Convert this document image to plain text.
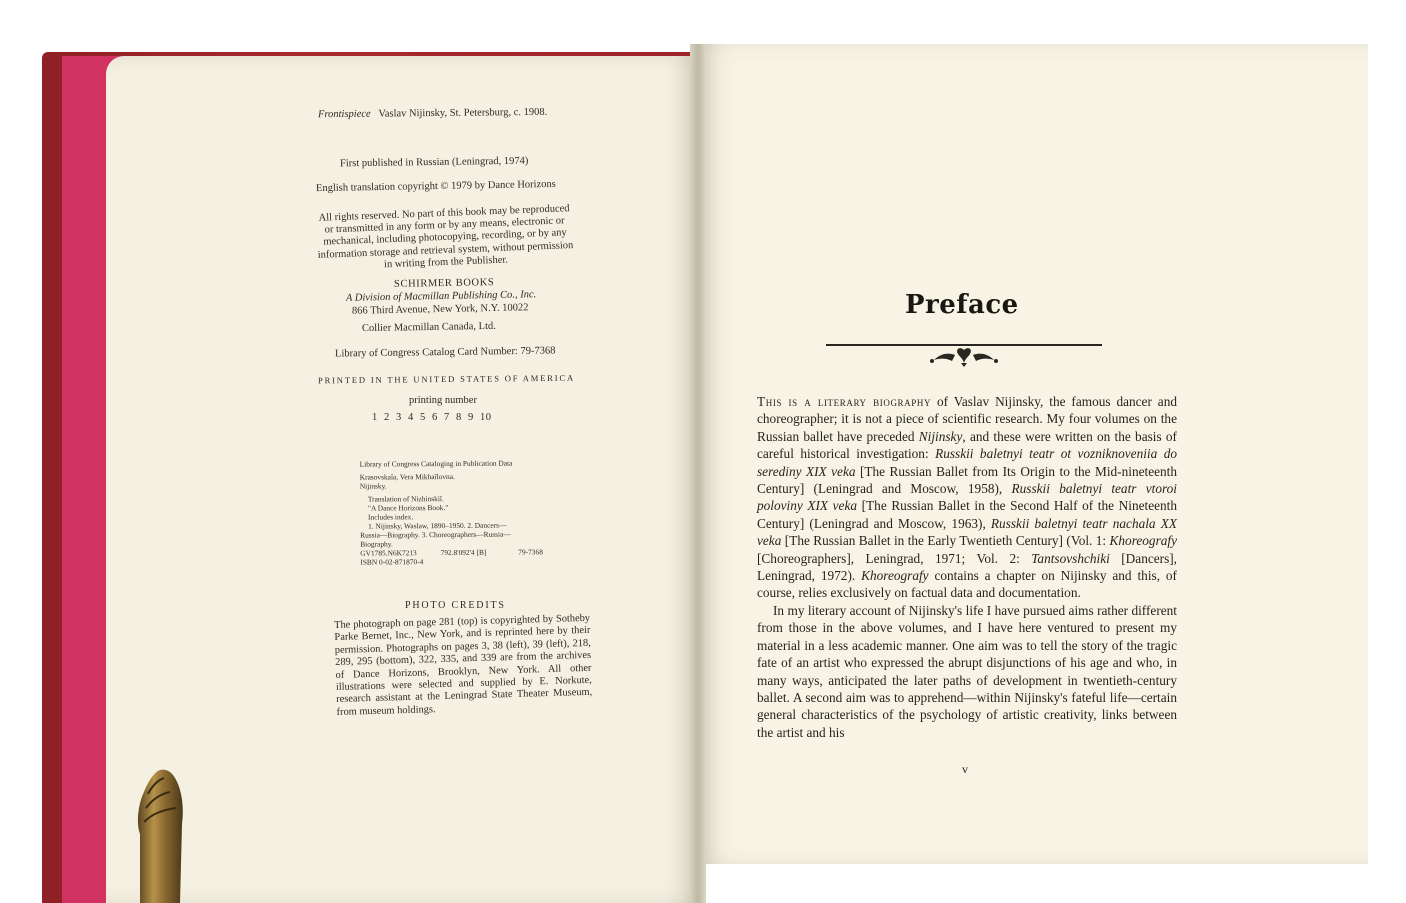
Frontispiece Vaslav Nijinsky, St. Petersburg, c. 1908.
First published in Russian (Leningrad, 1974)
English translation copyright © 1979 by Dance Horizons
All rights reserved. No part of this book may be reproduced or transmitted in any form or by any means, electronic or mechanical, including photocopying, recording, or by any information storage and retrieval system, without permission in writing from the Publisher.
SCHIRMER BOOKS
A Division of Macmillan Publishing Co., Inc.
866 Third Avenue, New York, N.Y. 10022
Collier Macmillan Canada, Ltd.
Library of Congress Catalog Card Number: 79-7368
PRINTED IN THE UNITED STATES OF AMERICA
printing number
1  2  3  4  5  6  7  8  9  10
Library of Congress Cataloging in Publication Data
Krasovskaîa, Vera Mikhaĭlovna.
Nijinsky.
Translation of Nizhinskiĭ.
"A Dance Horizons Book."
Includes index.
1. Nijinsky, Waslaw, 1890–1950. 2. Dancers—
Russia—Biography. 3. Choreographers—Russia—
Biography.
GV1785.N6K7213	792.8'092'4 [B]	79-7368
ISBN 0-02-871870-4
PHOTO CREDITS
The photograph on page 281 (top) is copyrighted by Sotheby Parke Bernet, Inc., New York, and is reprinted here by their permission. Photographs on pages 3, 38 (left), 39 (left), 218, 289, 295 (bottom), 322, 335, and 339 are from the archives of Dance Horizons, Brooklyn, New York. All other illustrations were selected and supplied by E. Norkute, research assistant at the Leningrad State Theater Museum, from museum holdings.
Preface

This is a literary biography of Vaslav Nijinsky, the famous dancer and choreographer; it is not a piece of scientific research. My four volumes on the Russian ballet have preceded Nijinsky, and these were written on the basis of careful historical investigation: Russkii baletnyi teatr ot vozniknoveniia do serediny XIX veka [The Russian Ballet from Its Origin to the Mid-nineteenth Century] (Leningrad and Moscow, 1958), Russkii baletnyi teatr vtoroi poloviny XIX veka [The Russian Ballet in the Second Half of the Nineteenth Century] (Leningrad and Moscow, 1963), Russkii baletnyi teatr nachala XX veka [The Russian Ballet in the Early Twentieth Century] (Vol. 1: Khoreografy [Choreographers], Leningrad, 1971; Vol. 2: Tantsovshchiki [Dancers], Leningrad, 1972). Khoreografy contains a chapter on Nijinsky and this, of course, relies exclusively on factual data and documentation.

In my literary account of Nijinsky's life I have pursued aims rather different from those in the above volumes, and I have here ventured to present my material in a less academic manner. One aim was to tell the story of the tragic fate of an artist who expressed the abrupt disjunctions of his age and who, in many ways, anticipated the later paths of development in twentieth-century ballet. A second aim was to apprehend—within Nijinsky's fateful life—certain general characteristics of the psychology of artistic creativity, links between the artist and his

v
